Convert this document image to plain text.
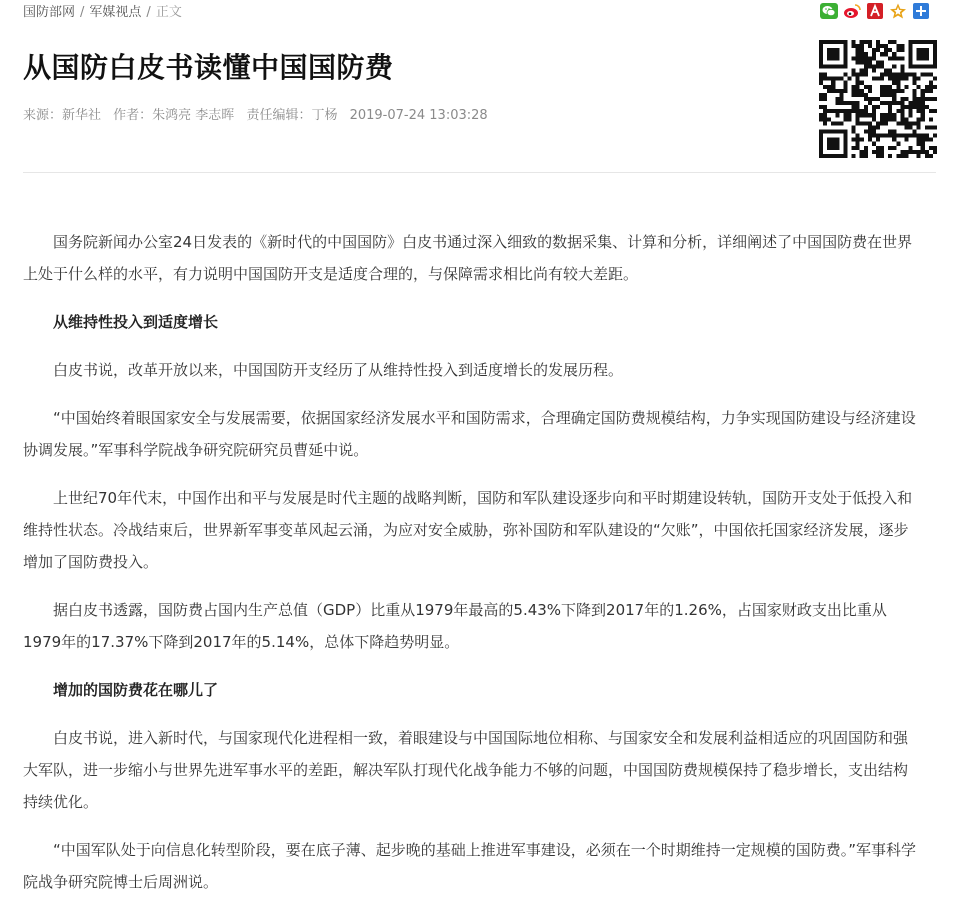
国防部网 / 军媒视点 / 正文
从国防白皮书读懂中国国防费
来源：新华社 作者：朱鸿亮 李志晖 责任编辑：丁杨 2019-07-24 13:03:28

国务院新闻办公室24日发表的《新时代的中国国防》白皮书通过深入细致的数据采集、计算和分析，详细阐述了中国国防费在世界上处于什么样的水平，有力说明中国国防开支是适度合理的，与保障需求相比尚有较大差距。

从维持性投入到适度增长

白皮书说，改革开放以来，中国国防开支经历了从维持性投入到适度增长的发展历程。

“中国始终着眼国家安全与发展需要，依据国家经济发展水平和国防需求，合理确定国防费规模结构，力争实现国防建设与经济建设协调发展。”军事科学院战争研究院研究员曹延中说。

上世纪70年代末，中国作出和平与发展是时代主题的战略判断，国防和军队建设逐步向和平时期建设转轨，国防开支处于低投入和维持性状态。冷战结束后，世界新军事变革风起云涌，为应对安全威胁，弥补国防和军队建设的“欠账”，中国依托国家经济发展，逐步增加了国防费投入。

据白皮书透露，国防费占国内生产总值（GDP）比重从1979年最高的5.43%下降到2017年的1.26%，占国家财政支出比重从1979年的17.37%下降到2017年的5.14%，总体下降趋势明显。

增加的国防费花在哪儿了

白皮书说，进入新时代，与国家现代化进程相一致，着眼建设与中国国际地位相称、与国家安全和发展利益相适应的巩固国防和强大军队，进一步缩小与世界先进军事水平的差距，解决军队打现代化战争能力不够的问题，中国国防费规模保持了稳步增长，支出结构持续优化。

“中国军队处于向信息化转型阶段，要在底子薄、起步晚的基础上推进军事建设，必须在一个时期维持一定规模的国防费。”军事科学院战争研究院博士后周洲说。
